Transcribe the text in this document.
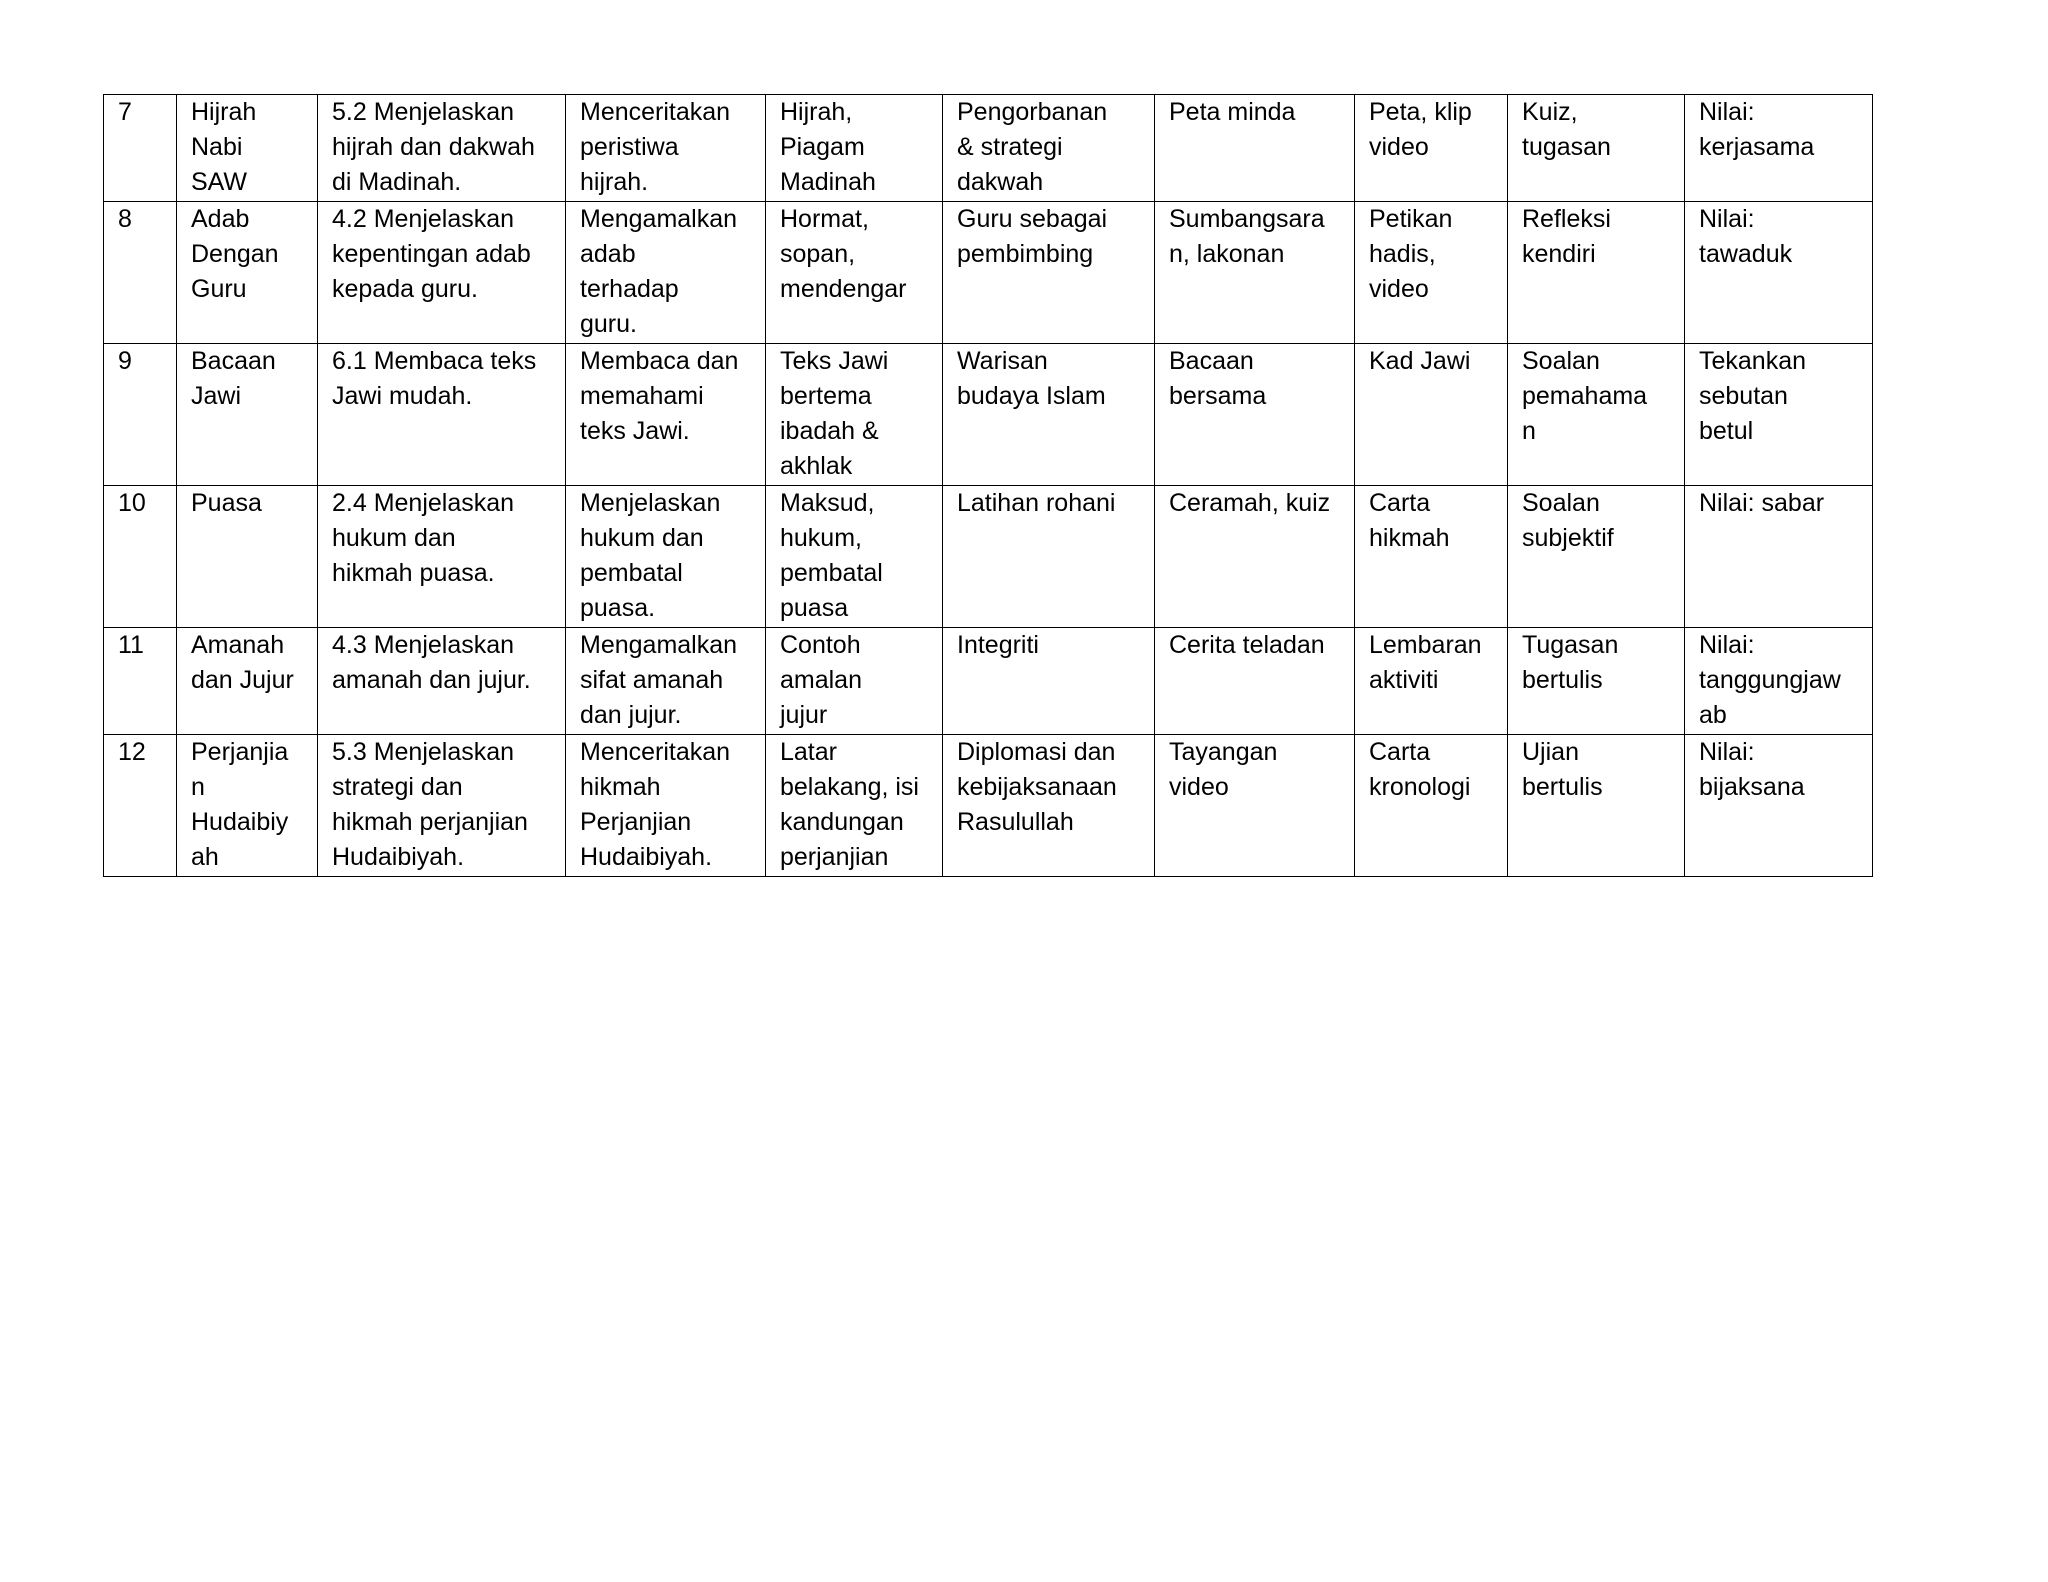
7	Hijrah
Nabi
SAW	5.2 Menjelaskan
hijrah dan dakwah
di Madinah.	Menceritakan
peristiwa
hijrah.	Hijrah,
Piagam
Madinah	Pengorbanan
& strategi
dakwah	Peta minda	Peta, klip
video	Kuiz,
tugasan	Nilai:
kerjasama
8	Adab
Dengan
Guru	4.2 Menjelaskan
kepentingan adab
kepada guru.	Mengamalkan
adab
terhadap
guru.	Hormat,
sopan,
mendengar	Guru sebagai
pembimbing	Sumbangsara
n, lakonan	Petikan
hadis,
video	Refleksi
kendiri	Nilai:
tawaduk
9	Bacaan
Jawi	6.1 Membaca teks
Jawi mudah.	Membaca dan
memahami
teks Jawi.	Teks Jawi
bertema
ibadah &
akhlak	Warisan
budaya Islam	Bacaan
bersama	Kad Jawi	Soalan
pemahama
n	Tekankan
sebutan
betul
10	Puasa	2.4 Menjelaskan
hukum dan
hikmah puasa.	Menjelaskan
hukum dan
pembatal
puasa.	Maksud,
hukum,
pembatal
puasa	Latihan rohani	Ceramah, kuiz	Carta
hikmah	Soalan
subjektif	Nilai: sabar
11	Amanah
dan Jujur	4.3 Menjelaskan
amanah dan jujur.	Mengamalkan
sifat amanah
dan jujur.	Contoh
amalan
jujur	Integriti	Cerita teladan	Lembaran
aktiviti	Tugasan
bertulis	Nilai:
tanggungjaw
ab
12	Perjanjia
n
Hudaibiy
ah	5.3 Menjelaskan
strategi dan
hikmah perjanjian
Hudaibiyah.	Menceritakan
hikmah
Perjanjian
Hudaibiyah.	Latar
belakang, isi
kandungan
perjanjian	Diplomasi dan
kebijaksanaan
Rasulullah	Tayangan
video	Carta
kronologi	Ujian
bertulis	Nilai:
bijaksana
